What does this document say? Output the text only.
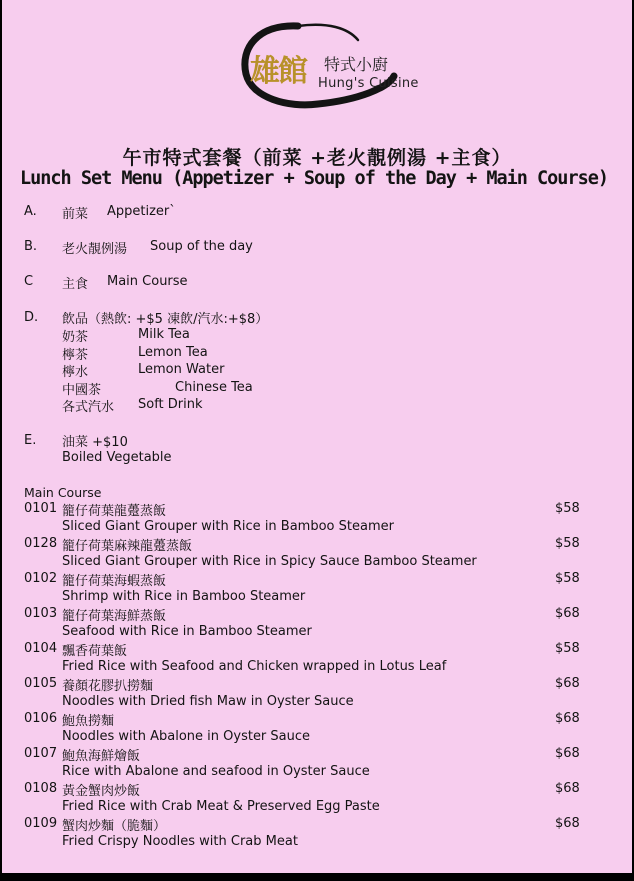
雄館 特式小廚
Hung's Cuisine
午市特式套餐（前菜 +老火靚例湯 +主食）
Lunch Set Menu (Appetizer + Soup of the Day + Main Course)
A. 前菜 Appetizer`
B. 老火靚例湯 Soup of the day
C 主食 Main Course
D. 飲品（熱飲: +$5 凍飲/汽水:+$8）
奶茶	Milk Tea
檸茶	Lemon Tea
檸水	Lemon Water
中國茶	Chinese Tea
各式汽水 Soft Drink
E. 油菜 +$10
Boiled Vegetable
Main Course
0101 籠仔荷葉龍躉蒸飯	$58
Sliced Giant Grouper with Rice in Bamboo Steamer
0128 籠仔荷葉麻辣龍躉蒸飯	$58
Sliced Giant Grouper with Rice in Spicy Sauce Bamboo Steamer
0102 籠仔荷葉海蝦蒸飯	$58
Shrimp with Rice in Bamboo Steamer
0103 籠仔荷葉海鮮蒸飯	$68
Seafood with Rice in Bamboo Steamer
0104 飄香荷葉飯	$58
Fried Rice with Seafood and Chicken wrapped in Lotus Leaf
0105 養顏花膠扒撈麵	$68
Noodles with Dried fish Maw in Oyster Sauce
0106 鮑魚撈麵	$68
Noodles with Abalone in Oyster Sauce
0107 鮑魚海鮮燴飯	$68
Rice with Abalone and seafood in Oyster Sauce
0108 黃金蟹肉炒飯	$68
Fried Rice with Crab Meat & Preserved Egg Paste
0109 蟹肉炒麵（脆麵）	$68
Fried Crispy Noodles with Crab Meat
